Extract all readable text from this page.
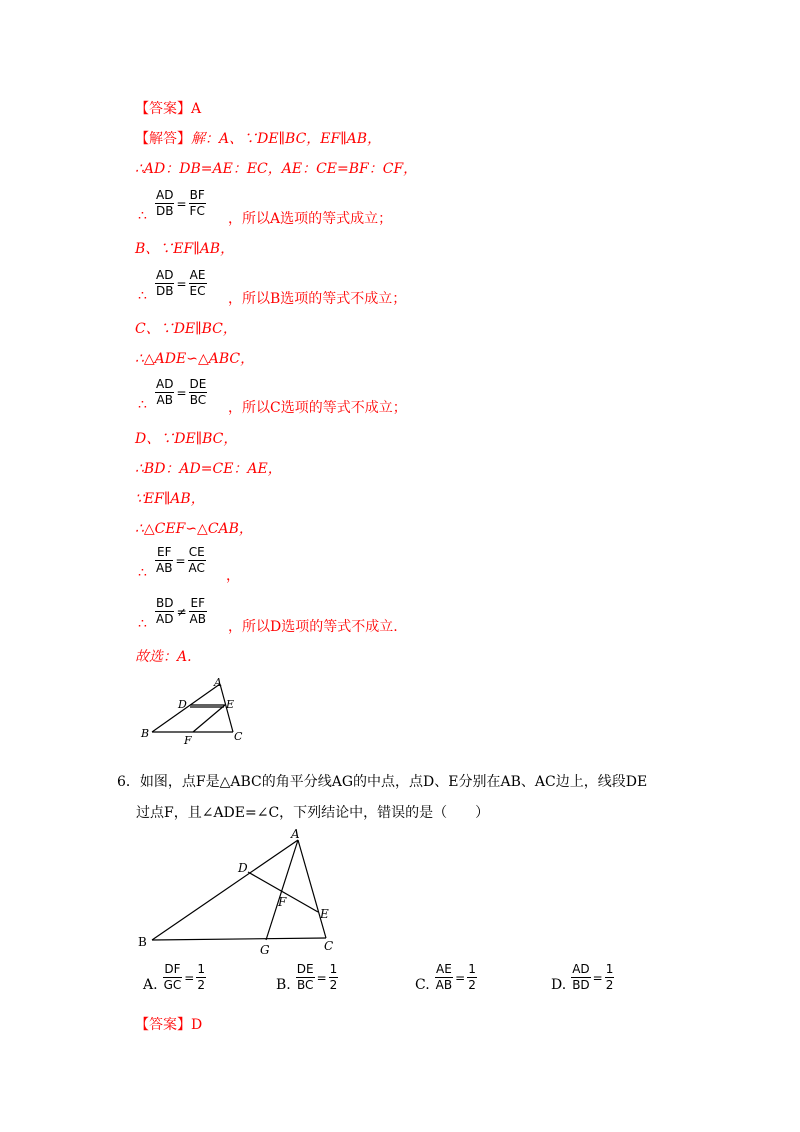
【答案】A
【解答】解：A、∵DE∥BC，EF∥AB，
∴AD：DB=AE：EC，AE：CE=BF：CF，
$\frac{AD}{DB} = \frac{BF}{FC}$
∴	，所以A选项的等式成立；
B、∵EF∥AB，
$\frac{AD}{DB} = \frac{AE}{EC}$
∴	，所以B选项的等式不成立；
C、∵DE∥BC，
∴△ADE∽△ABC，
$\frac{AD}{AB} = \frac{DE}{BC}$
∴	，所以C选项的等式不成立；
D、∵DE∥BC，
∴BD：AD=CE：AE，
∵EF∥AB，
∴△CEF∽△CAB，
$\frac{EF}{AB} = \frac{CE}{AC}$
∴	，
$\frac{BD}{AD} \ne \frac{EF}{AB}$
∴	，所以D选项的等式不成立.
故选：A.
A
D	E
B
F	C
6．如图，点F是△ABC的角平分线AG的中点，点D、E分别在AB、AC边上，线段DE
过点F，且∠ADE=∠C，下列结论中，错误的是（　　）
A
D
F
E
B
G	C
A. $\frac{DF}{GC} = \frac{1}{2}$	B. $\frac{DE}{BC} = \frac{1}{2}$	C. $\frac{AE}{AB} = \frac{1}{2}$	D. $\frac{AD}{BD} = \frac{1}{2}$
【答案】D
